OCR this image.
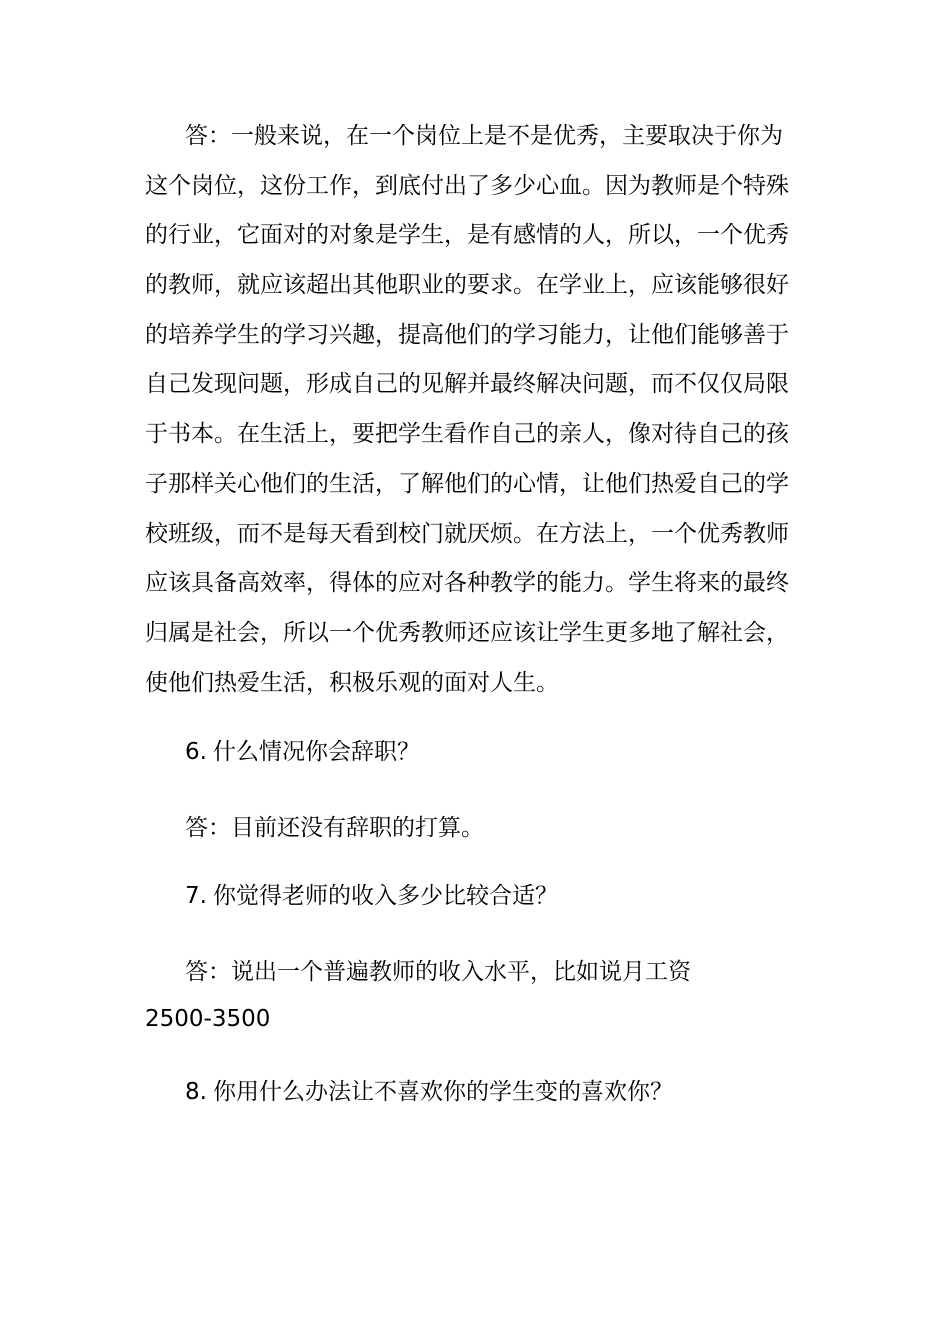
答：一般来说，在一个岗位上是不是优秀，主要取决于你为
这个岗位，这份工作，到底付出了多少心血。因为教师是个特殊
的行业，它面对的对象是学生，是有感情的人，所以，一个优秀
的教师，就应该超出其他职业的要求。在学业上，应该能够很好
的培养学生的学习兴趣，提高他们的学习能力，让他们能够善于
自己发现问题，形成自己的见解并最终解决问题，而不仅仅局限
于书本。在生活上，要把学生看作自己的亲人，像对待自己的孩
子那样关心他们的生活，了解他们的心情，让他们热爱自己的学
校班级，而不是每天看到校门就厌烦。在方法上，一个优秀教师
应该具备高效率，得体的应对各种教学的能力。学生将来的最终
归属是社会，所以一个优秀教师还应该让学生更多地了解社会，
使他们热爱生活，积极乐观的面对人生。
6. 什么情况你会辞职？
答：目前还没有辞职的打算。
7. 你觉得老师的收入多少比较合适？
答：说出一个普遍教师的收入水平，比如说月工资
2500-3500
8. 你用什么办法让不喜欢你的学生变的喜欢你？
